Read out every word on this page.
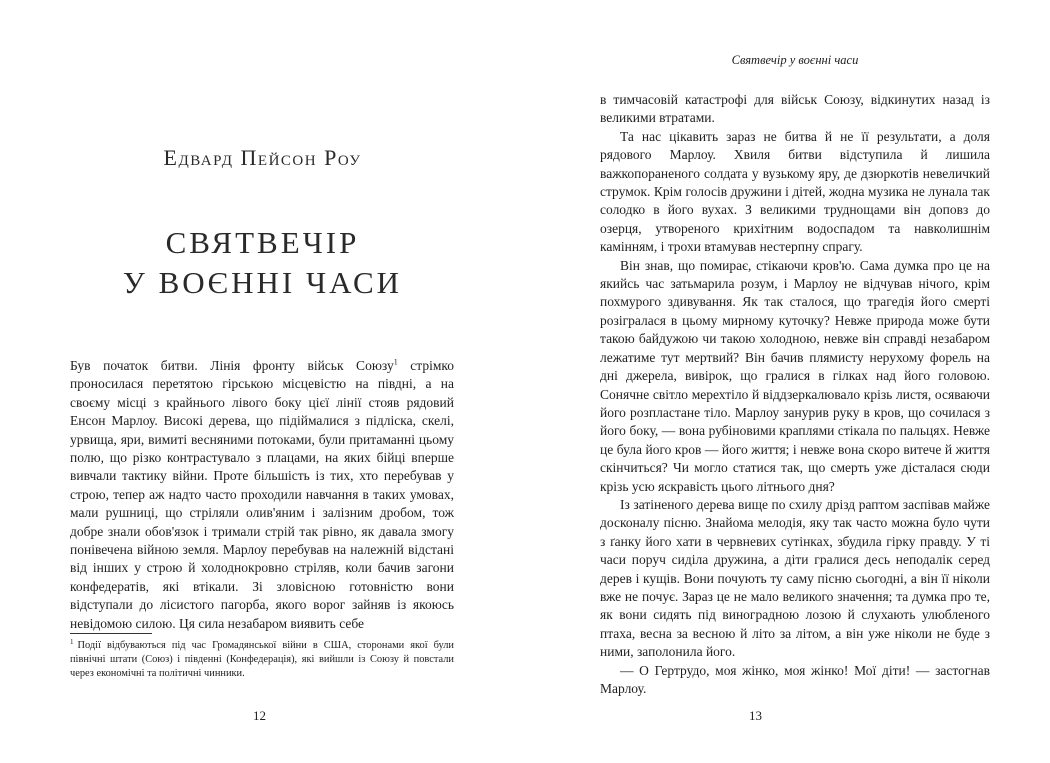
Едвард Пейсон Роу
СВЯТВЕЧІР
У ВОЄННІ ЧАСИ

Був початок битви. Лінія фронту військ Союзу$^1$ стрімко проносилася перетятою гірською місцевістю на півдні, а на своєму місці з крайнього лівого боку цієї лінії стояв рядовий Енсон Марлоу. Високі дерева, що підіймалися з підліска, скелі, урвища, яри, вимиті весняними потоками, були притаманні цьому полю, що різко контрастувало з плацами, на яких бійці вперше вивчали тактику війни. Проте більшість із тих, хто перебував у строю, тепер аж надто часто проходили навчання в таких умовах, мали рушниці, що стріляли олив'яним і залізним дробом, тож добре знали обов'язок і тримали стрій так рівно, як давала змогу понівечена війною земля. Марлоу перебував на належній відстані від інших у строю й холоднокровно стріляв, коли бачив загони конфедератів, які втікали. Зі зловісною готовністю вони відступали до лісистого пагорба, якого ворог зайняв із якоюсь невідомою силою. Ця сила незабаром виявить себе

$^1$ Події відбуваються під час Громадянської війни в США, сторонами якої були північні штати (Союз) і південні (Конфедерація), які вийшли із Союзу й повстали через економічні та політичні чинники.
12
Святвечір у воєнні часи

в тимчасовій катастрофі для військ Союзу, відкинутих назад із великими втратами.

Та нас цікавить зараз не битва й не її результати, а доля рядового Марлоу. Хвиля битви відступила й лишила важкопораненого солдата у вузькому яру, де дзюркотів невеличкий струмок. Крім голосів дружини і дітей, жодна музика не лунала так солодко в його вухах. З великими труднощами він доповз до озерця, утвореного крихітним водоспадом та навколишнім камінням, і трохи втамував нестерпну спрагу.

Він знав, що помирає, стікаючи кров'ю. Сама думка про це на якийсь час затьмарила розум, і Марлоу не відчував нічого, крім похмурого здивування. Як так сталося, що трагедія його смерті розігралася в цьому мирному куточку? Невже природа може бути такою байдужою чи такою холодною, невже він справді незабаром лежатиме тут мертвий? Він бачив плямисту нерухому форель на дні джерела, вивірок, що гралися в гілках над його головою. Сонячне світло мерехтіло й віддзеркалювало крізь листя, осяваючи його розпластане тіло. Марлоу занурив руку в кров, що сочилася з його боку, — вона рубіновими краплями стікала по пальцях. Невже це була його кров — його життя; і невже вона скоро витече й життя скінчиться? Чи могло статися так, що смерть уже дісталася сюди крізь усю яскравість цього літнього дня?

Із затіненого дерева вище по схилу дрізд раптом заспівав майже досконалу пісню. Знайома мелодія, яку так часто можна було чути з ґанку його хати в червневих сутінках, збудила гірку правду. У ті часи поруч сиділа дружина, а діти гралися десь неподалік серед дерев і кущів. Вони почують ту саму пісню сьогодні, а він її ніколи вже не почує. Зараз це не мало великого значення; та думка про те, як вони сидять під виноградною лозою й слухають улюбленого птаха, весна за весною й літо за літом, а він уже ніколи не буде з ними, заполонила його.

— О Гертрудо, моя жінко, моя жінко! Мої діти! — застогнав Марлоу.

13
